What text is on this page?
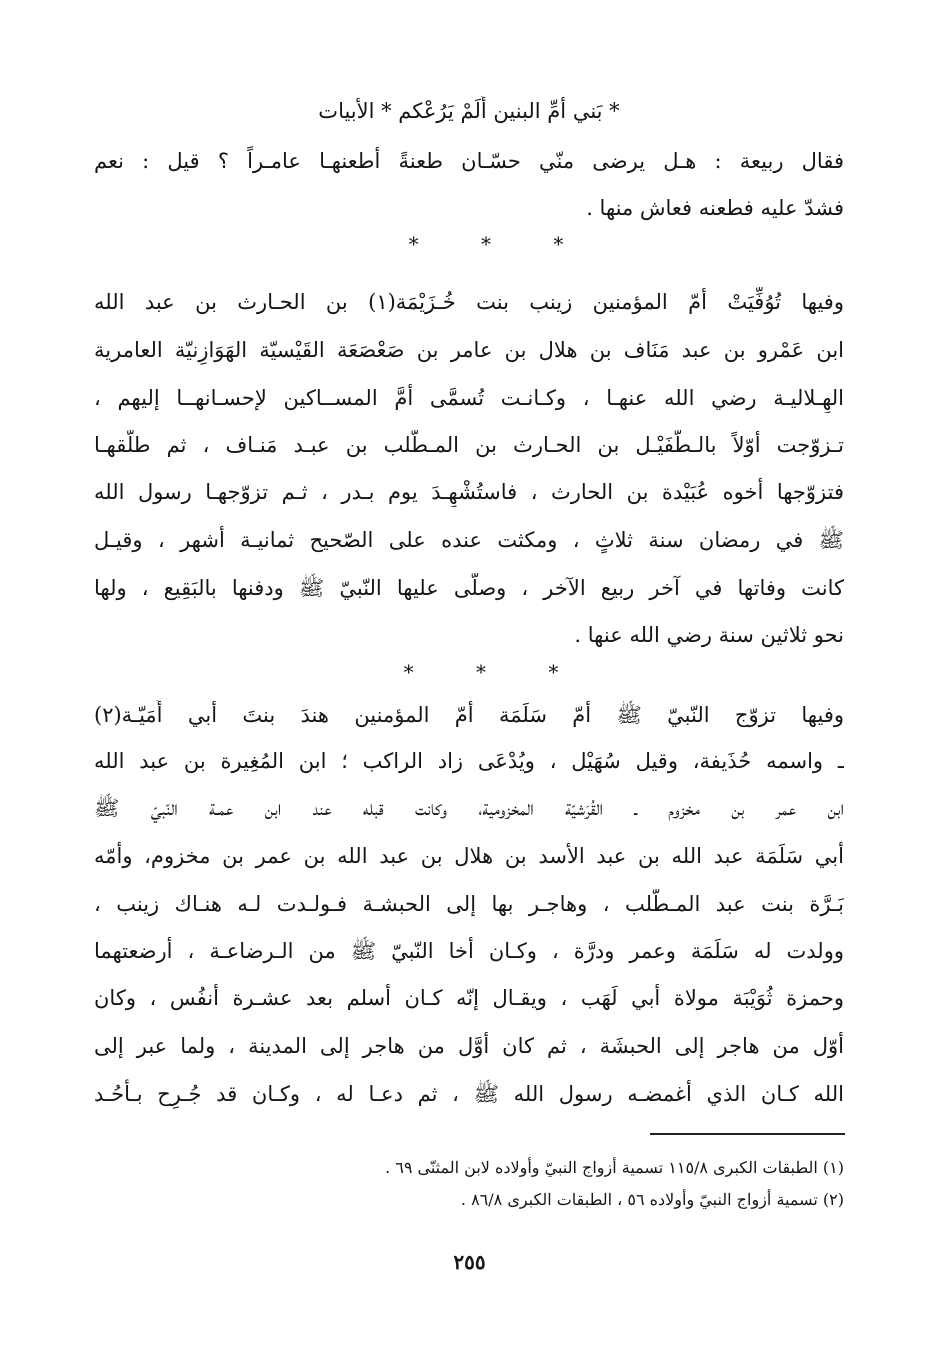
* بَني أمِّ البنين أَلَمْ يَرُعْكم * الأبيات
فقال ربيعة : هـل يرضى منّي حسّـان طعنةً أطعنهـا عامـراً ؟ قيل : نعم
فشدّ عليه فطعنه فعاش منها .
* * *
وفيها تُوُفِّيَتْ أمّ المؤمنين زينب بنت خُـزَيْمَة(١) بن الحـارث بن عبد الله
ابن عَمْرو بن عبد مَنَاف بن هلال بن عامر بن صَعْصَعَة القَيْسيّة الهَوَازِنيّة العامرية
الهِـلاليـة رضي الله عنهـا ، وكـانـت تُسمَّى أمَّ المســاكين لإحسـانهــا إليهم ،
تـزوّجت أوّلاً بالـطُّفَيْـل بن الحـارث بن المـطّلب بن عبـد مَنـاف ، ثم طلّقهـا
فتزوّجها أخوه عُبَيْدة بن الحارث ، فاستُشْهِـدَ يوم بـدر ، ثـم تزوّجهـا رسول الله
ﷺ في رمضان سنة ثلاثٍ ، ومكثت عنده على الصّحيح ثمانيـة أشهر ، وقيـل
كانت وفاتها في آخر ربيع الآخر ، وصلّى عليها النّبيّ ﷺ ودفنها بالبَقِيع ، ولها
نحو ثلاثين سنة رضي الله عنها .
* * *
وفيها تزوّج النّبيّ ﷺ أمّ سَلَمَة أمّ المؤمنين هندَ بنتَ أبي أُمَيّـة(٢)
ـ واسمه حُذَيفة، وقيل سُهَيْل ، ويُدْعَى زاد الراكب ؛ ابن المُغِيرة بن عبد الله
ابن عمر بن مخزوم ـ القُرَشيّة المخزومية، وكانت قبله عند ابن عمـة النّبيّ ﷺ
أبي سَلَمَة عبد الله بن عبد الأسد بن هلال بن عبد الله بن عمر بن مخزوم، وأمّه
بَـرَّة بنت عبد المـطّلب ، وهاجـر بها إلى الحبشـة فـولـدت لـه هنـاك زينب ،
وولدت له سَلَمَة وعمر ودرَّة ، وكـان أخا النّبيّ ﷺ من الـرضاعـة ، أرضعتهما
وحمزة ثُوَيْبَة مولاة أبي لَهَب ، ويقـال إنّه كـان أسلم بعد عشـرة أنفُس ، وكان
أوّل من هاجر إلى الحبشَة ، ثم كان أوَّل من هاجر إلى المدينة ، ولما عبر إلى
الله كـان الذي أغمضـه رسول الله ﷺ ، ثم دعـا له ، وكـان قد جُـرِح بـأُحُـد
(١) الطبقات الكبرى ١١٥/٨ تسمية أزواج النبيّ وأولاده لابن المثنّى ٦٩ .
(٢) تسمية أزواج النبيّ وأولاده ٥٦ ، الطبقات الكبرى ٨٦/٨ .
٢٥٥
